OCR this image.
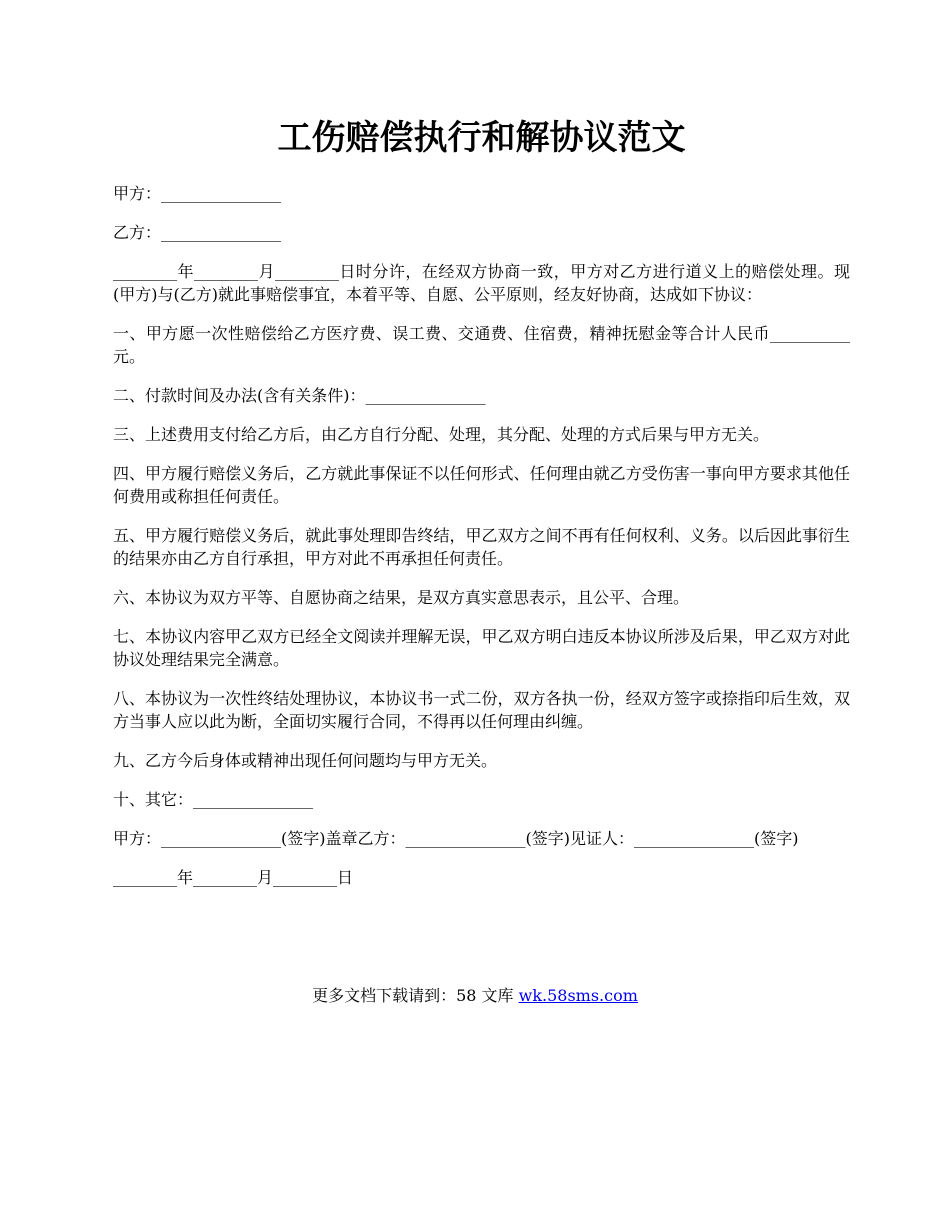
工伤赔偿执行和解协议范文

甲方：_______________

乙方：_______________

________年________月________日时分许，在经双方协商一致，甲方对乙方进行道义上的赔偿处理。现(甲方)与(乙方)就此事赔偿事宜，本着平等、自愿、公平原则，经友好协商，达成如下协议：

一、甲方愿一次性赔偿给乙方医疗费、误工费、交通费、住宿费，精神抚慰金等合计人民币__________元。

二、付款时间及办法(含有关条件)：_______________

三、上述费用支付给乙方后，由乙方自行分配、处理，其分配、处理的方式后果与甲方无关。

四、甲方履行赔偿义务后，乙方就此事保证不以任何形式、任何理由就乙方受伤害一事向甲方要求其他任何费用或称担任何责任。

五、甲方履行赔偿义务后，就此事处理即告终结，甲乙双方之间不再有任何权利、义务。以后因此事衍生的结果亦由乙方自行承担，甲方对此不再承担任何责任。

六、本协议为双方平等、自愿协商之结果，是双方真实意思表示，且公平、合理。

七、本协议内容甲乙双方已经全文阅读并理解无误，甲乙双方明白违反本协议所涉及后果，甲乙双方对此协议处理结果完全满意。

八、本协议为一次性终结处理协议，本协议书一式二份，双方各执一份，经双方签字或捺指印后生效，双方当事人应以此为断，全面切实履行合同，不得再以任何理由纠缠。

九、乙方今后身体或精神出现任何问题均与甲方无关。

十、其它：_______________

甲方：_______________(签字)盖章乙方：_______________(签字)见证人：_______________(签字)

________年________月________日

更多文档下载请到：58 文库 wk.58sms.com
